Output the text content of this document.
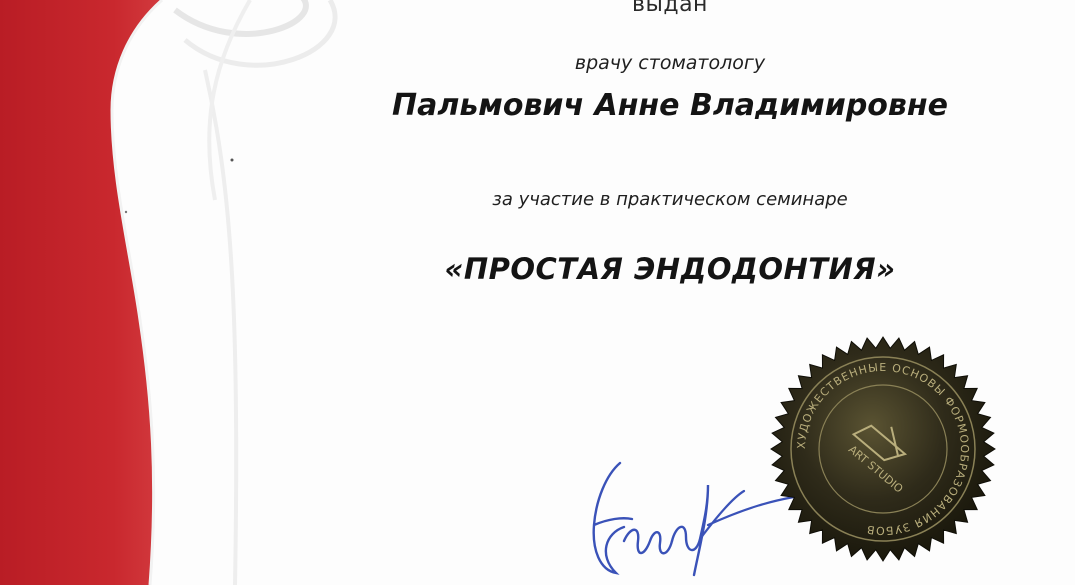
выдан

врачу стоматологу

Пальмович Анне Владимировне

за участие в практическом семинаре

«ПРОСТАЯ ЭНДОДОНТИЯ»

ХУДОЖЕСТВЕННЫЕ ОСНОВЫ ФОРМООБРАЗОВАНИЯ ЗУБОВ
ART STUDIO
